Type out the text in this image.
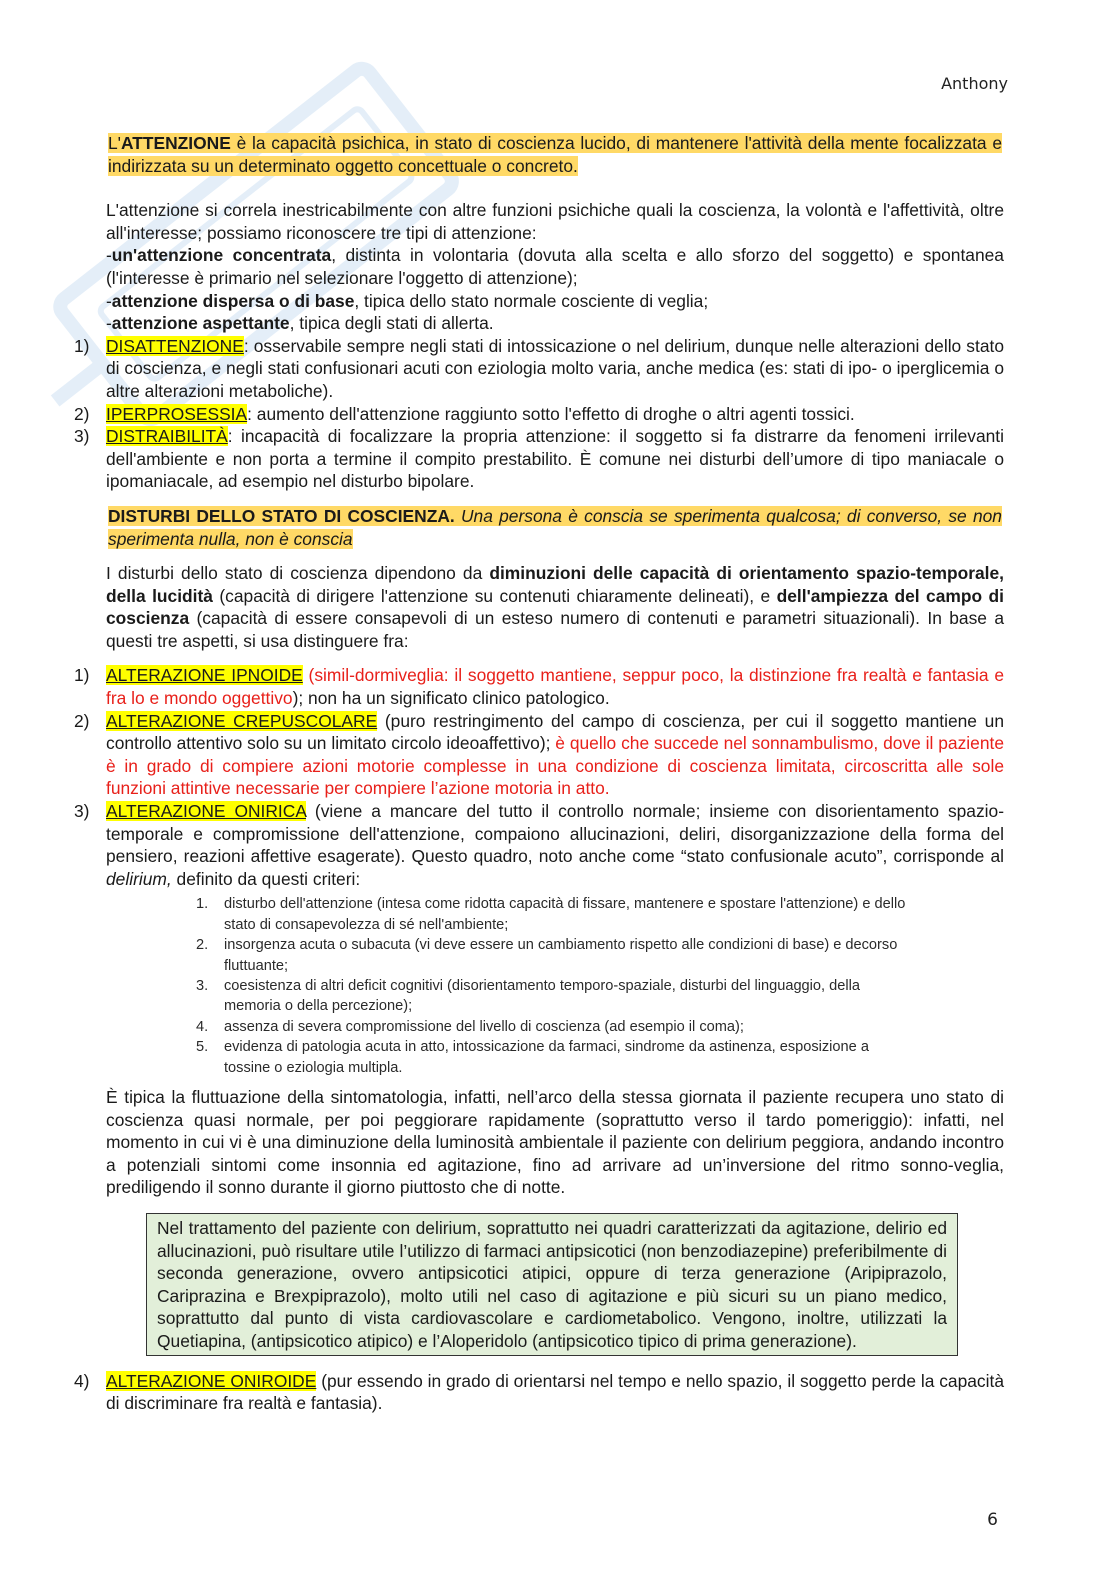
Anthony

L'ATTENZIONE è la capacità psichica, in stato di coscienza lucido, di mantenere l'attività della mente focalizzata e indirizzata su un determinato oggetto concettuale o concreto.

L'attenzione si correla inestricabilmente con altre funzioni psichiche quali la coscienza, la volontà e l'affettività, oltre all'interesse; possiamo riconoscere tre tipi di attenzione:

-un'attenzione concentrata, distinta in volontaria (dovuta alla scelta e allo sforzo del soggetto) e spontanea (l'interesse è primario nel selezionare l'oggetto di attenzione);

-attenzione dispersa o di base, tipica dello stato normale cosciente di veglia;

-attenzione aspettante, tipica degli stati di allerta.

1) DISATTENZIONE: osservabile sempre negli stati di intossicazione o nel delirium, dunque nelle alterazioni dello stato di coscienza, e negli stati confusionari acuti con eziologia molto varia, anche medica (es: stati di ipo- o iperglicemia o altre alterazioni metaboliche).
2) IPERPROSESSIA: aumento dell'attenzione raggiunto sotto l'effetto di droghe o altri agenti tossici.
3) DISTRAIBILITÀ: incapacità di focalizzare la propria attenzione: il soggetto si fa distrarre da fenomeni irrilevanti dell'ambiente e non porta a termine il compito prestabilito. È comune nei disturbi dell’umore di tipo maniacale o ipomaniacale, ad esempio nel disturbo bipolare.

DISTURBI DELLO STATO DI COSCIENZA. Una persona è conscia se sperimenta qualcosa; di converso, se non sperimenta nulla, non è conscia

I disturbi dello stato di coscienza dipendono da diminuzioni delle capacità di orientamento spazio-temporale, della lucidità (capacità di dirigere l'attenzione su contenuti chiaramente delineati), e dell'ampiezza del campo di coscienza (capacità di essere consapevoli di un esteso numero di contenuti e parametri situazionali). In base a questi tre aspetti, si usa distinguere fra:

1) ALTERAZIONE IPNOIDE (simil-dormiveglia: il soggetto mantiene, seppur poco, la distinzione fra realtà e fantasia e fra lo e mondo oggettivo); non ha un significato clinico patologico.
2) ALTERAZIONE CREPUSCOLARE (puro restringimento del campo di coscienza, per cui il soggetto mantiene un controllo attentivo solo su un limitato circolo ideoaffettivo); è quello che succede nel sonnambulismo, dove il paziente è in grado di compiere azioni motorie complesse in una condizione di coscienza limitata, circoscritta alle sole funzioni attintive necessarie per compiere l’azione motoria in atto.
3) ALTERAZIONE ONIRICA (viene a mancare del tutto il controllo normale; insieme con disorientamento spazio-temporale e compromissione dell'attenzione, compaiono allucinazioni, deliri, disorganizzazione della forma del pensiero, reazioni affettive esagerate). Questo quadro, noto anche come “stato confusionale acuto”, corrisponde al delirium, definito da questi criteri:
1. disturbo dell'attenzione (intesa come ridotta capacità di fissare, mantenere e spostare l'attenzione) e dello stato di consapevolezza di sé nell'ambiente;
2. insorgenza acuta o subacuta (vi deve essere un cambiamento rispetto alle condizioni di base) e decorso fluttuante;
3. coesistenza di altri deficit cognitivi (disorientamento temporo-spaziale, disturbi del linguaggio, della memoria o della percezione);
4. assenza di severa compromissione del livello di coscienza (ad esempio il coma);
5. evidenza di patologia acuta in atto, intossicazione da farmaci, sindrome da astinenza, esposizione a tossine o eziologia multipla.

È tipica la fluttuazione della sintomatologia, infatti, nell’arco della stessa giornata il paziente recupera uno stato di coscienza quasi normale, per poi peggiorare rapidamente (soprattutto verso il tardo pomeriggio): infatti, nel momento in cui vi è una diminuzione della luminosità ambientale il paziente con delirium peggiora, andando incontro a potenziali sintomi come insonnia ed agitazione, fino ad arrivare ad un’inversione del ritmo sonno-veglia, prediligendo il sonno durante il giorno piuttosto che di notte.

Nel trattamento del paziente con delirium, soprattutto nei quadri caratterizzati da agitazione, delirio ed allucinazioni, può risultare utile l’utilizzo di farmaci antipsicotici (non benzodiazepine) preferibilmente di seconda generazione, ovvero antipsicotici atipici, oppure di terza generazione (Aripiprazolo, Cariprazina e Brexpiprazolo), molto utili nel caso di agitazione e più sicuri su un piano medico, soprattutto dal punto di vista cardiovascolare e cardiometabolico. Vengono, inoltre, utilizzati la Quetiapina, (antipsicotico atipico) e l’Aloperidolo (antipsicotico tipico di prima generazione).
4) ALTERAZIONE ONIROIDE (pur essendo in grado di orientarsi nel tempo e nello spazio, il soggetto perde la capacità di discriminare fra realtà e fantasia).
6
